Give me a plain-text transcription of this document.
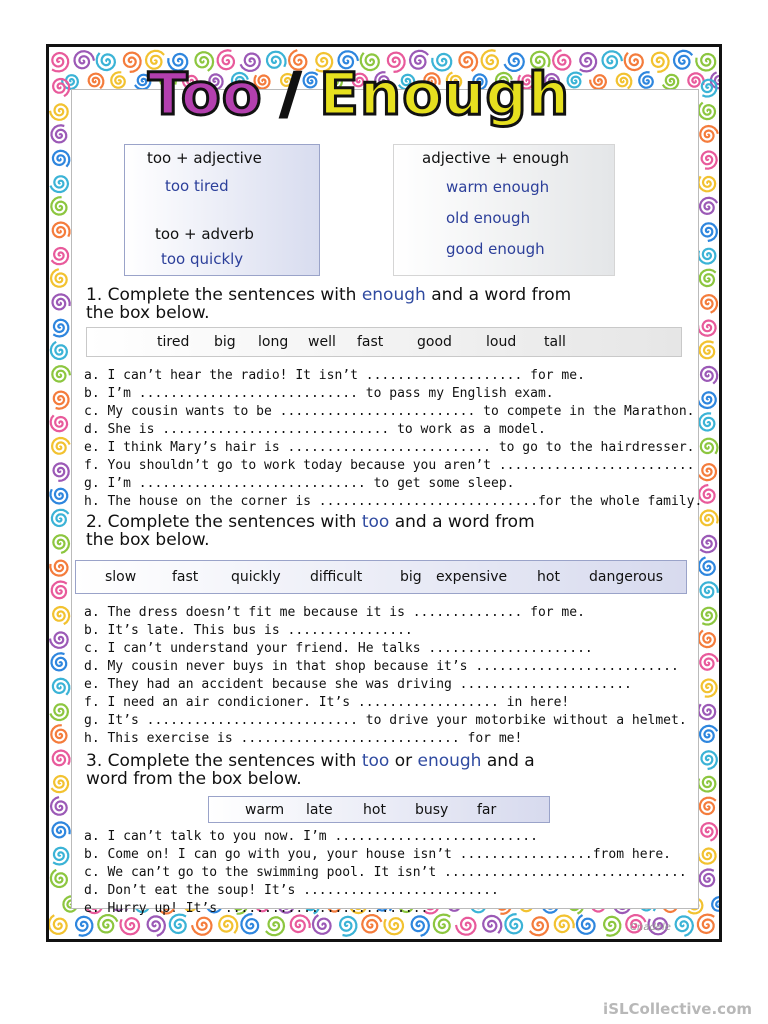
Too / Enough
too + adjective
too tired
too + adverb
too quickly
adjective + enough
warm enough
old enough
good enough
1. Complete the sentences with enough and a word from
the box below.
tired big long well fast good loud tall
a. I can’t hear the radio! It isn’t .................... for me.
b. I’m ............................ to pass my English exam.
c. My cousin wants to be ......................... to compete in the Marathon.
d. She is ............................. to work as a model.
e. I think Mary’s hair is .......................... to go to the hairdresser.
f. You shouldn’t go to work today because you aren’t .........................
g. I’m ............................. to get some sleep.
h. The house on the corner is ............................for the whole family.
2. Complete the sentences with too and a word from
the box below.
slow	fast quickly difficult	big expensive hot dangerous
a. The dress doesn’t fit me because it is .............. for me.
b. It’s late. This bus is ................
c. I can’t understand your friend. He talks .....................
d. My cousin never buys in that shop because it’s ..........................
e. They had an accident because she was driving ......................
f. I need an air condicioner. It’s .................. in here!
g. It’s ........................... to drive your motorbike without a helmet.
h. This exercise is ............................ for me!
3. Complete the sentences with too or enough and a
word from the box below.
warm late hot busy far
a. I can’t talk to you now. I’m ..........................
b. Come on! I can go with you, your house isn’t .................from here.
c. We can’t go to the swimming pool. It isn’t ...............................
d. Don’t eat the soup! It’s .........................
e. Hurry up! It’s ..........................
Cnadele
iSLCollective.com
